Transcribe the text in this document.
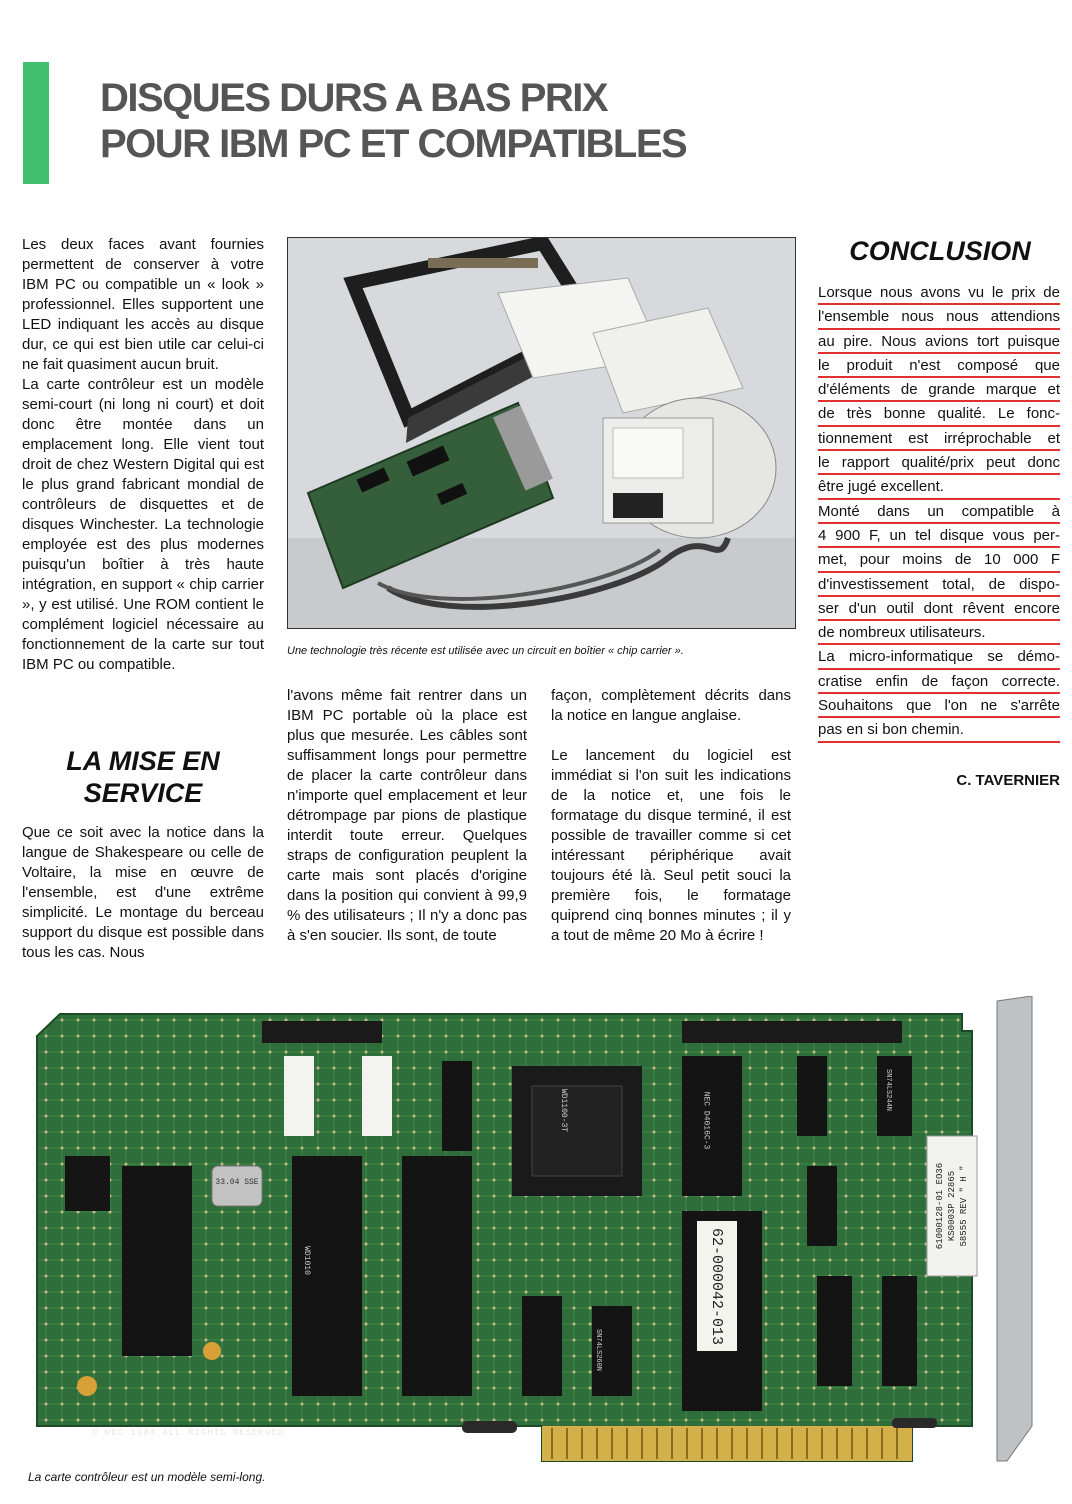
DISQUES DURS A BAS PRIX
POUR IBM PC ET COMPATIBLES

Les deux faces avant fournies permettent de conserver à votre IBM PC ou compatible un « look » professionnel. Elles supportent une LED indiquant les accès au disque dur, ce qui est bien utile car celui-ci ne fait quasiment aucun bruit.

La carte contrôleur est un modèle semi-court (ni long ni court) et doit donc être montée dans un emplacement long. Elle vient tout droit de chez Western Digital qui est le plus grand fabricant mondial de contrôleurs de disquettes et de disques Winchester. La technologie employée est des plus modernes puisqu'un boîtier à très haute intégration, en support « chip carrier », y est utilisé. Une ROM contient le complément logiciel nécessaire au fonctionnement de la carte sur tout IBM PC ou compatible.

LA MISE EN
SERVICE

Que ce soit avec la notice dans la langue de Shakespeare ou celle de Voltaire, la mise en œuvre de l'ensemble, est d'une extrême simplicité. Le montage du berceau support du disque est possible dans tous les cas. Nous

Une technologie très récente est utilisée avec un circuit en boîtier « chip carrier ».

l'avons même fait rentrer dans un IBM PC portable où la place est plus que mesurée. Les câbles sont suffisamment longs pour permettre de placer la carte contrôleur dans n'importe quel emplacement et leur détrompage par pions de plastique interdit toute erreur. Quelques straps de configuration peuplent la carte mais sont placés d'origine dans la position qui convient à 99,9 % des utilisateurs ; Il n'y a donc pas à s'en soucier. Ils sont, de toute

façon, complètement décrits dans la notice en langue anglaise.

Le lancement du logiciel est immédiat si l'on suit les indications de la notice et, une fois le formatage du disque terminé, il est possible de travailler comme si cet intéressant périphérique avait toujours été là. Seul petit souci la première fois, le formatage quiprend cinq bonnes minutes ; il y a tout de même 20 Mo à écrire !

CONCLUSION
Lorsque nous avons vu le prix de
l'ensemble nous nous attendions
au pire. Nous avions tort puisque
le produit n'est composé que
d'éléments de grande marque et
de très bonne qualité. Le fonc-
tionnement est irréprochable et
le rapport qualité/prix peut donc
être jugé excellent.
Monté dans un compatible à
4 900 F, un tel disque vous per-
met, pour moins de 10 000 F
d'investissement total, de dispo-
ser d'un outil dont rêvent encore
de nombreux utilisateurs.
La micro-informatique se démo-
cratise enfin de façon correcte.
Souhaitons que l'on ne s'arrête
pas en si bon chemin.
C. TAVERNIER
© WDC 1984 ALL RIGHTS RESERVED
62-000042-013
61000128-01 EO36 KS0003P 22865 58555 REV " H "
WD1100-3T
WD1010
NEC D4016C-3
SN74LS244N
SN74LS260N
33.04 SSE
La carte contrôleur est un modèle semi-long.
